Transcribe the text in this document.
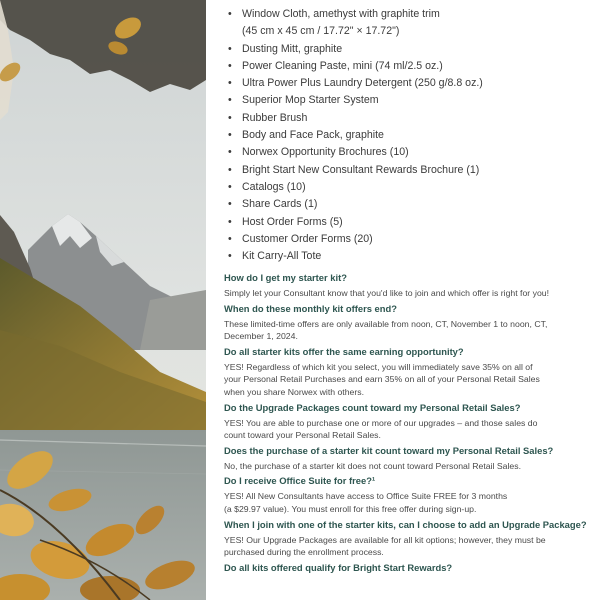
• Window Cloth, amethyst with graphite trim
(45 cm x 45 cm / 17.72" × 17.72")
• Dusting Mitt, graphite
• Power Cleaning Paste, mini (74 ml/2.5 oz.)
• Ultra Power Plus Laundry Detergent (250 g/8.8 oz.)
• Superior Mop Starter System
• Rubber Brush
• Body and Face Pack, graphite
• Norwex Opportunity Brochures (10)
• Bright Start New Consultant Rewards Brochure (1)
• Catalogs (10)
• Share Cards (1)
• Host Order Forms (5)
• Customer Order Forms (20)
• Kit Carry-All Tote
How do I get my starter kit?
Simply let your Consultant know that you'd like to join and which offer is right for you!
When do these monthly kit offers end?
These limited-time offers are only available from noon, CT, November 1 to noon, CT,
December 1, 2024.
Do all starter kits offer the same earning opportunity?
YES! Regardless of which kit you select, you will immediately save 35% on all of
your Personal Retail Purchases and earn 35% on all of your Personal Retail Sales
when you share Norwex with others.
Do the Upgrade Packages count toward my Personal Retail Sales?
YES! You are able to purchase one or more of our upgrades – and those sales do
count toward your Personal Retail Sales.
Does the purchase of a starter kit count toward my Personal Retail Sales?
No, the purchase of a starter kit does not count toward Personal Retail Sales.
Do I receive Office Suite for free?¹
YES! All New Consultants have access to Office Suite FREE for 3 months
(a $29.97 value). You must enroll for this free offer during sign-up.
When I join with one of the starter kits, can I choose to add an Upgrade Package?
YES! Our Upgrade Packages are available for all kit options; however, they must be
purchased during the enrollment process.
Do all kits offered qualify for Bright Start Rewards?
